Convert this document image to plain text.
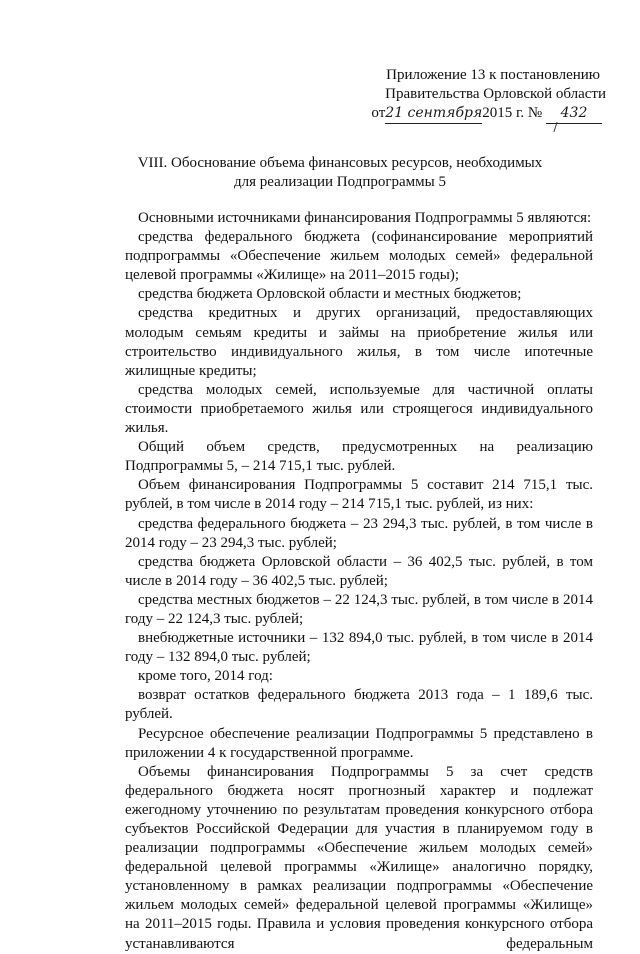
Приложение 13 к постановлению
Правительства Орловской области
от21 сентября2015 г. № 432
VIII. Обоснование объема финансовых ресурсов, необходимых
для реализации Подпрограммы 5

Основными источниками финансирования Подпрограммы 5 являются:

средства федерального бюджета (софинансирование мероприятий подпрограммы «Обеспечение жильем молодых семей» федеральной целевой программы «Жилище» на 2011–2015 годы);

средства бюджета Орловской области и местных бюджетов;

средства кредитных и других организаций, предоставляющих молодым семьям кредиты и займы на приобретение жилья или строительство индивидуального жилья, в том числе ипотечные жилищные кредиты;

средства молодых семей, используемые для частичной оплаты стоимости приобретаемого жилья или строящегося индивидуального жилья.

Общий объем средств, предусмотренных на реализацию Подпрограммы 5, – 214 715,1 тыс. рублей.

Объем финансирования Подпрограммы 5 составит 214 715,1 тыс. рублей, в том числе в 2014 году – 214 715,1 тыс. рублей, из них:

средства федерального бюджета – 23 294,3 тыс. рублей, в том числе в 2014 году – 23 294,3 тыс. рублей;

средства бюджета Орловской области – 36 402,5 тыс. рублей, в том числе в 2014 году – 36 402,5 тыс. рублей;

средства местных бюджетов – 22 124,3 тыс. рублей, в том числе в 2014 году – 22 124,3 тыс. рублей;

внебюджетные источники – 132 894,0 тыс. рублей, в том числе в 2014 году – 132 894,0 тыс. рублей;

кроме того, 2014 год:

возврат остатков федерального бюджета 2013 года – 1 189,6 тыс. рублей.

Ресурсное обеспечение реализации Подпрограммы 5 представлено в приложении 4 к государственной программе.

Объемы финансирования Подпрограммы 5 за счет средств федерального бюджета носят прогнозный характер и подлежат ежегодному уточнению по результатам проведения конкурсного отбора субъектов Российской Федерации для участия в планируемом году в реализации подпрограммы «Обеспечение жильем молодых семей» федеральной целевой программы «Жилище» аналогично порядку, установленному в рамках реализации подпрограммы «Обеспечение жильем молодых семей» федеральной целевой программы «Жилище» на 2011–2015 годы. Правила и условия проведения конкурсного отбора устанавливаются федеральным
